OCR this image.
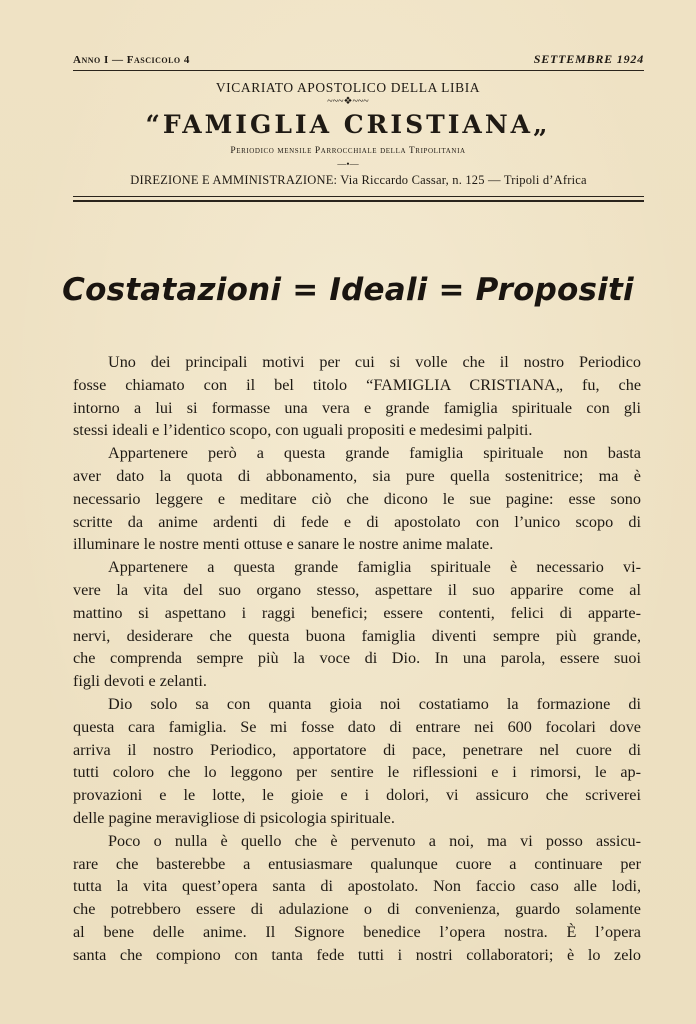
Anno I — Fascicolo 4	SETTEMBRE 1924
VICARIATO APOSTOLICO DELLA LIBIA
~~~❖~~~
“FAMIGLIA CRISTIANA„
Periodico mensile Parrocchiale della Tripolitania
—•—
DIREZIONE E AMMINISTRAZIONE: Via Riccardo Cassar, n. 125 — Tripoli d’Africa
Costatazioni = Ideali = Propositi
Uno dei principali motivi per cui si volle che il nostro Periodico
fosse chiamato con il bel titolo “FAMIGLIA CRISTIANA„ fu, che
intorno a lui si formasse una vera e grande famiglia spirituale con gli
stessi ideali e l’identico scopo, con uguali propositi e medesimi palpiti.
Appartenere però a questa grande famiglia spirituale non basta
aver dato la quota di abbonamento, sia pure quella sostenitrice; ma è
necessario leggere e meditare ciò che dicono le sue pagine: esse sono
scritte da anime ardenti di fede e di apostolato con l’unico scopo di
illuminare le nostre menti ottuse e sanare le nostre anime malate.
Appartenere a questa grande famiglia spirituale è necessario vi-
vere la vita del suo organo stesso, aspettare il suo apparire come al
mattino si aspettano i raggi benefici; essere contenti, felici di apparte-
nervi, desiderare che questa buona famiglia diventi sempre più grande,
che comprenda sempre più la voce di Dio. In una parola, essere suoi
figli devoti e zelanti.
Dio solo sa con quanta gioia noi costatiamo la formazione di
questa cara famiglia. Se mi fosse dato di entrare nei 600 focolari dove
arriva il nostro Periodico, apportatore di pace, penetrare nel cuore di
tutti coloro che lo leggono per sentire le riflessioni e i rimorsi, le ap-
provazioni e le lotte, le gioie e i dolori, vi assicuro che scriverei
delle pagine meravigliose di psicologia spirituale.
Poco o nulla è quello che è pervenuto a noi, ma vi posso assicu-
rare che basterebbe a entusiasmare qualunque cuore a continuare per
tutta la vita quest’opera santa di apostolato. Non faccio caso alle lodi,
che potrebbero essere di adulazione o di convenienza, guardo solamente
al bene delle anime. Il Signore benedice l’opera nostra. È l’opera
santa che compiono con tanta fede tutti i nostri collaboratori; è lo zelo
